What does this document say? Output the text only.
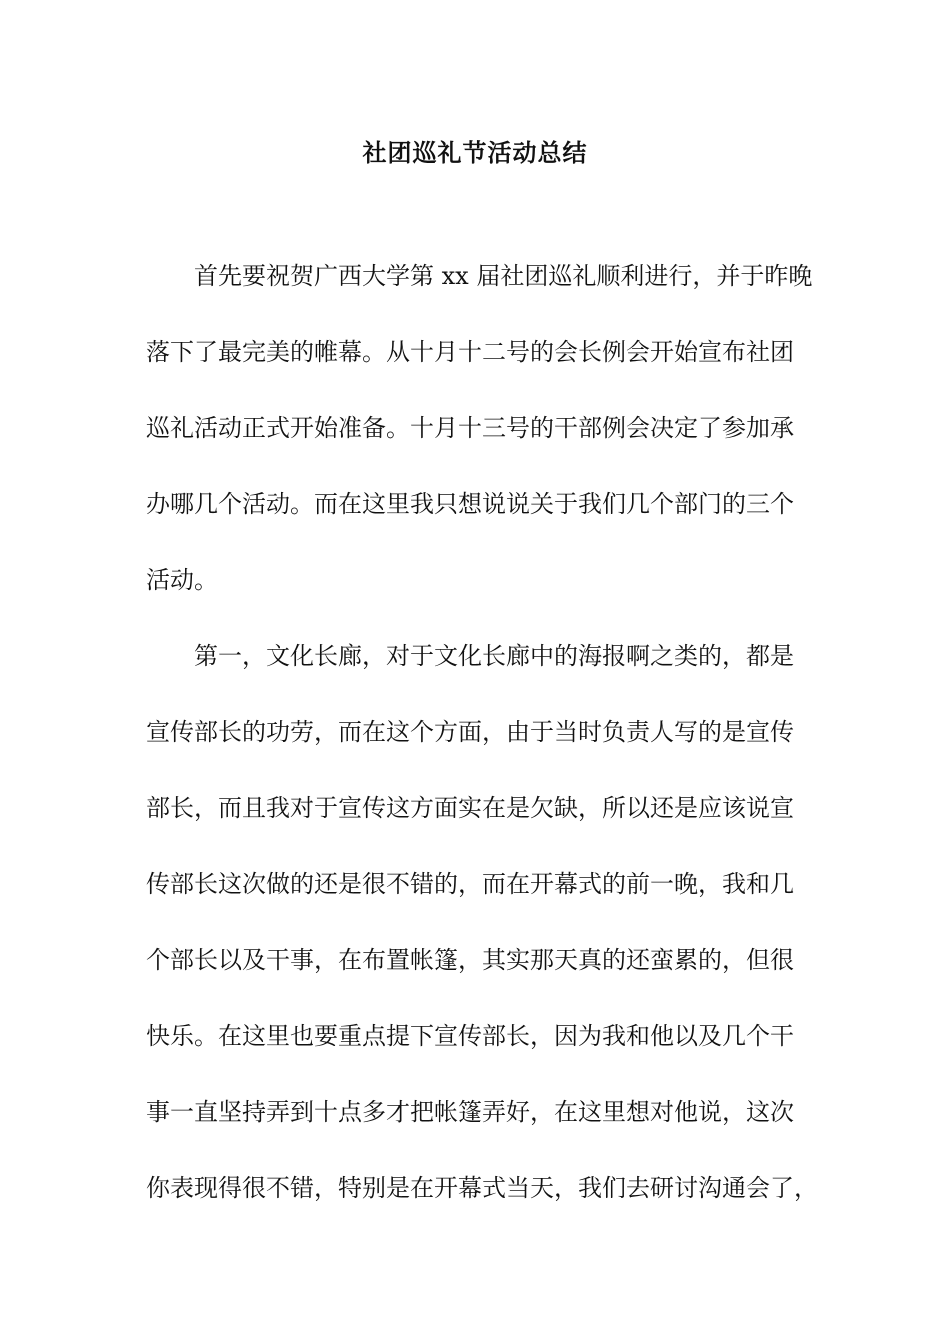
社团巡礼节活动总结
首先要祝贺广西大学第 xx 届社团巡礼顺利进行，并于昨晚
落下了最完美的帷幕。从十月十二号的会长例会开始宣布社团
巡礼活动正式开始准备。十月十三号的干部例会决定了参加承
办哪几个活动。而在这里我只想说说关于我们几个部门的三个
活动。
第一，文化长廊，对于文化长廊中的海报啊之类的，都是
宣传部长的功劳，而在这个方面，由于当时负责人写的是宣传
部长，而且我对于宣传这方面实在是欠缺，所以还是应该说宣
传部长这次做的还是很不错的，而在开幕式的前一晚，我和几
个部长以及干事，在布置帐篷，其实那天真的还蛮累的，但很
快乐。在这里也要重点提下宣传部长，因为我和他以及几个干
事一直坚持弄到十点多才把帐篷弄好，在这里想对他说，这次
你表现得很不错，特别是在开幕式当天，我们去研讨沟通会了，
